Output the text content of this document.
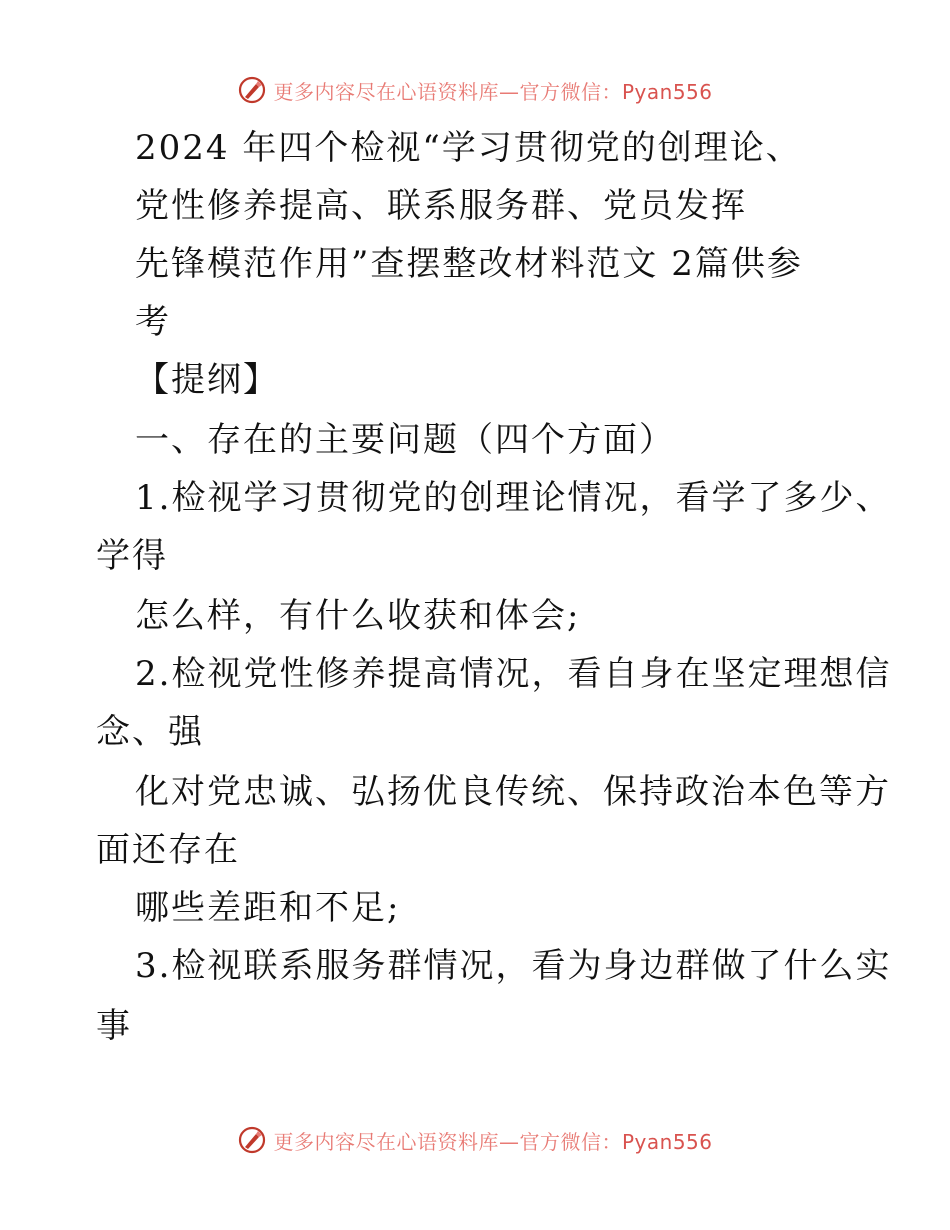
更多内容尽在心语资料库—官方微信：Pyan556
2024 年四个检视“学习贯彻党的创理论、
党性修养提高、联系服务群、党员发挥
先锋模范作用”查摆整改材料范文 2篇供参
考
【提纲】
一、存在的主要问题（四个方面）
1.检视学习贯彻党的创理论情况，看学了多少、
学得
怎么样，有什么收获和体会;
2.检视党性修养提高情况，看自身在坚定理想信
念、强
化对党忠诚、弘扬优良传统、保持政治本色等方
面还存在
哪些差距和不足;
3.检视联系服务群情况，看为身边群做了什么实
事
更多内容尽在心语资料库—官方微信：Pyan556
